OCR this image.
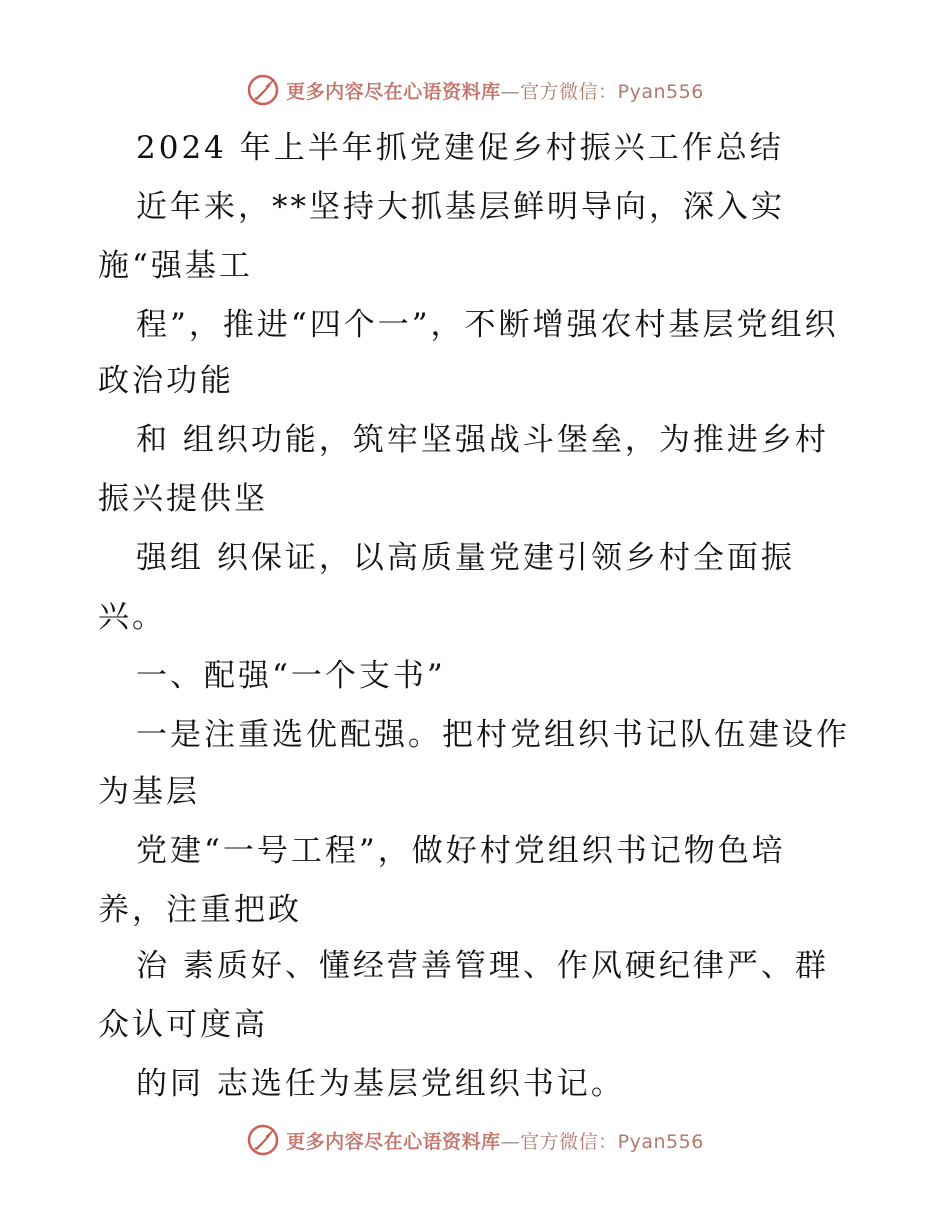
更多内容尽在心语资料库—官方微信：Pyan556
2024 年上半年抓党建促乡村振兴工作总结
近年来，**坚持大抓基层鲜明导向，深入实
施“强基工
程”，推进“四个一”，不断增强农村基层党组织
政治功能
和 组织功能，筑牢坚强战斗堡垒，为推进乡村
振兴提供坚
强组 织保证，以高质量党建引领乡村全面振
兴。
一、配强“一个支书”
一是注重选优配强。把村党组织书记队伍建设作
为基层
党建“一号工程”，做好村党组织书记物色培
养，注重把政
治 素质好、懂经营善管理、作风硬纪律严、群
众认可度高
的同 志选任为基层党组织书记。
更多内容尽在心语资料库—官方微信：Pyan556
